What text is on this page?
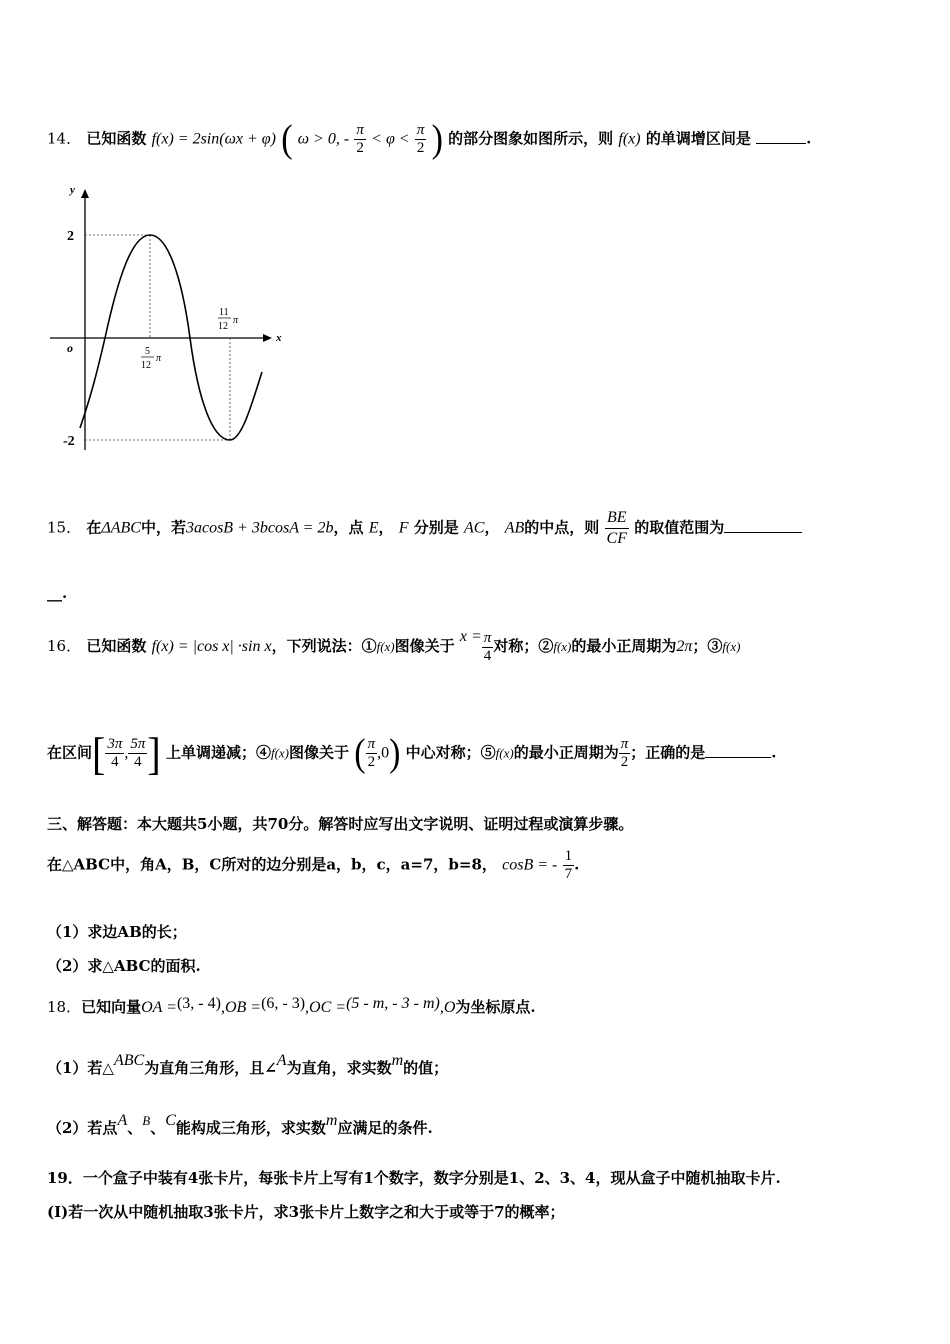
14． 已知函数 f(x) = 2sin(ωx + φ) ( ω > 0, - $\frac{\pi}{2} < \varphi < \frac{\pi}{2}$ ) 的部分图象如图所示，则 f(x) 的单调增区间是	.
y
x
o
2
-2
5
12
π
11
12
π
15． 在ΔABC中，若3acosB + 3bcosA = 2b，点 E， F 分别是 AC， AB的中点，则 $\frac{BE}{CF}$ 的取值范围为
__.
16． 已知函数 f(x) = |cos x| ·sin x，下列说法：①f(x)图像关于 $x = \frac{\pi}{4}$ 对称；②f(x)的最小正周期为2π；③f(x)
在区间[ $\frac{3\pi}{4}$ , $\frac{5\pi}{4}$ ] 上单调递减；④f(x)图像关于 ( $\frac{\pi}{2} ,0$) 中心对称；⑤f(x)的最小正周期为 $\frac{\pi}{2}$ ；正确的是	.
三、解答题：本大题共5小题，共70分。解答时应写出文字说明、证明过程或演算步骤。
在△ABC中，角A，B，C所对的边分别是a，b，c，a=7，b=8， cosB = - $\frac{1}{7}$ .
（1）求边AB的长；
（2）求△ABC的面积.
18．已知向量OA =(3, - 4),OB =(6, - 3),OC =(5 - m, - 3 - m),O为坐标原点.
（1）若△ABC为直角三角形，且∠A为直角，求实数m的值；
（2）若点A、B、C能构成三角形，求实数m应满足的条件.
19．一个盒子中装有4张卡片，每张卡片上写有1个数字，数字分别是1、2、3、4，现从盒子中随机抽取卡片.
(I)若一次从中随机抽取3张卡片，求3张卡片上数字之和大于或等于7的概率；
